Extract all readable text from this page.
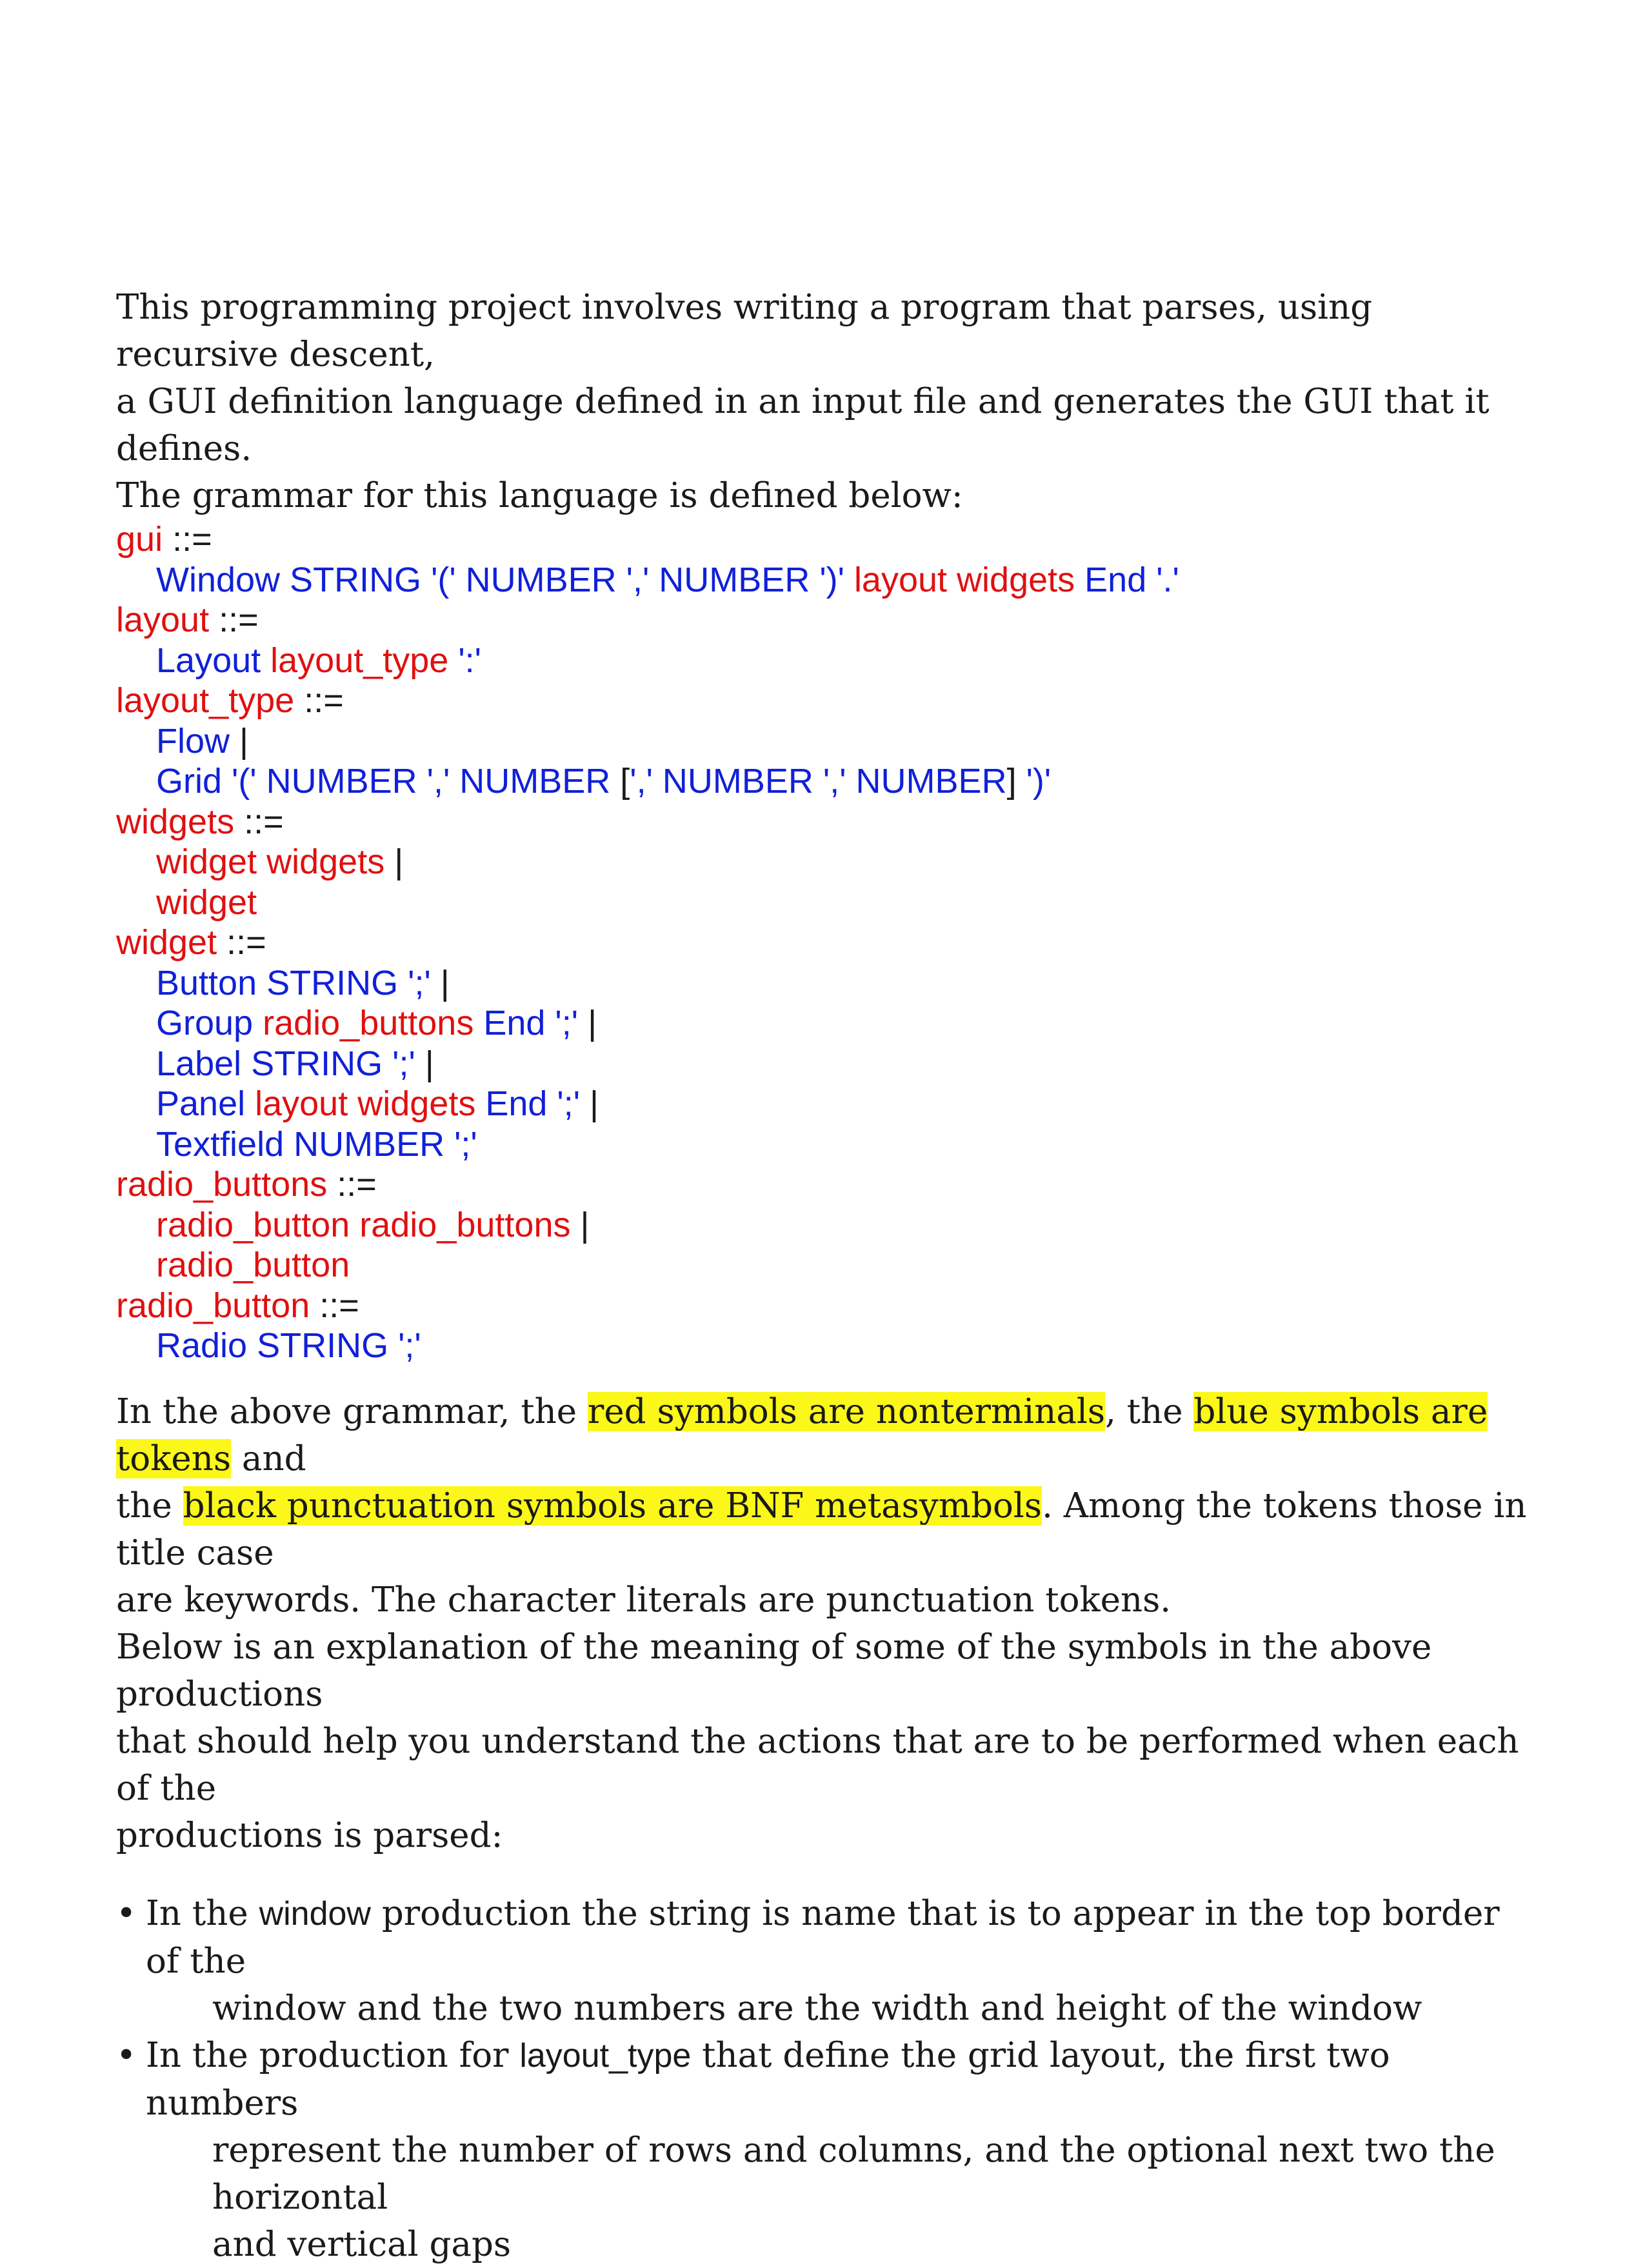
This programming project involves writing a program that parses, using recursive descent,
a GUI definition language defined in an input file and generates the GUI that it defines.
The grammar for this language is defined below:
gui ::=
Window STRING '(' NUMBER ',' NUMBER ')' layout widgets End '.'
layout ::=
Layout layout_type ':'
layout_type ::=
Flow |
Grid '(' NUMBER ',' NUMBER [',' NUMBER ',' NUMBER] ')'
widgets ::=
widget widgets |
widget
widget ::=
Button STRING ';' |
Group radio_buttons End ';' |
Label STRING ';' |
Panel layout widgets End ';' |
Textfield NUMBER ';'
radio_buttons ::=
radio_button radio_buttons |
radio_button
radio_button ::=
Radio STRING ';'
In the above grammar, the red symbols are nonterminals, the blue symbols are tokens and
the black punctuation symbols are BNF metasymbols. Among the tokens those in title case
are keywords. The character literals are punctuation tokens.
Below is an explanation of the meaning of some of the symbols in the above productions
that should help you understand the actions that are to be performed when each of the
productions is parsed:
• In the window production the string is name that is to appear in the top border of the
window and the two numbers are the width and height of the window
• In the production for layout_type that define the grid layout, the first two numbers
represent the number of rows and columns, and the optional next two the horizontal
and vertical gaps
